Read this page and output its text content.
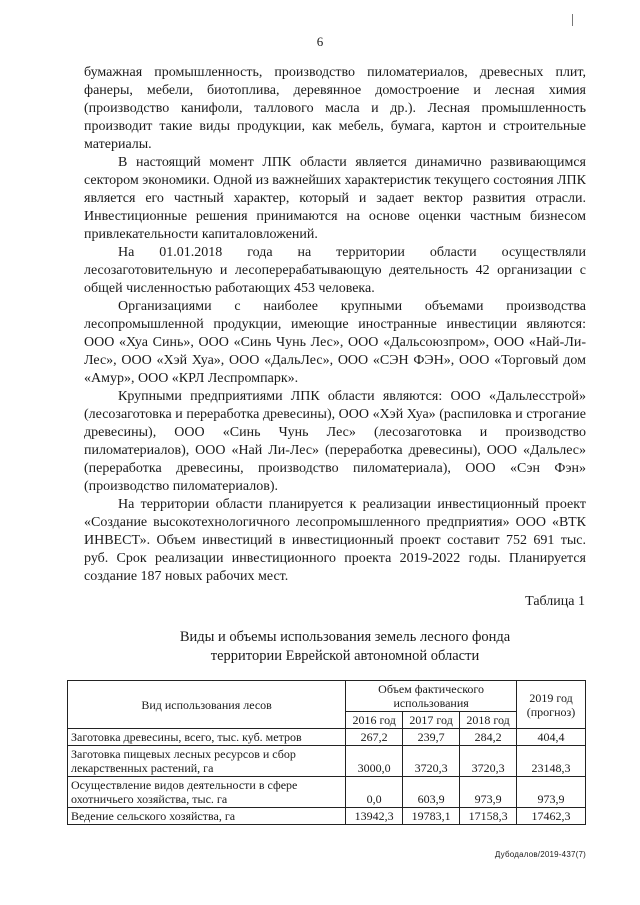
6

бумажная промышленность, производство пиломатериалов, древесных плит, фанеры, мебели, биотоплива, деревянное домостроение и лесная химия (производство канифоли, таллового масла и др.). Лесная промышленность производит такие виды продукции, как мебель, бумага, картон и строительные материалы.

В настоящий момент ЛПК области является динамично развивающимся сектором экономики. Одной из важнейших характеристик текущего состояния ЛПК является его частный характер, который и задает вектор развития отрасли. Инвестиционные решения принимаются на основе оценки частным бизнесом привлекательности капиталовложений.

На 01.01.2018 года на территории области осуществляли лесозаготовительную и лесоперерабатывающую деятельность 42 организации с общей численностью работающих 453 человека.

Организациями с наиболее крупными объемами производства лесопромышленной продукции, имеющие иностранные инвестиции являются: ООО «Хуа Синь», ООО «Синь Чунь Лес», ООО «Дальсоюзпром», ООО «Най-Ли-Лес», ООО «Хэй Хуа», ООО «ДальЛес», ООО «СЭН ФЭН», ООО «Торговый дом «Амур», ООО «КРЛ Леспромпарк».

Крупными предприятиями ЛПК области являются: ООО «Дальлесстрой» (лесозаготовка и переработка древесины), ООО «Хэй Хуа» (распиловка и строгание древесины), ООО «Синь Чунь Лес» (лесозаготовка и производство пиломатериалов), ООО «Най Ли-Лес» (переработка древесины), ООО «Дальлес» (переработка древесины, производство пиломатериала), ООО «Сэн Фэн» (производство пиломатериалов).

На территории области планируется к реализации инвестиционный проект «Создание высокотехнологичного лесопромышленного предприятия» ООО «ВТК ИНВЕСТ». Объем инвестиций в инвестиционный проект составит 752 691 тыс. руб. Срок реализации инвестиционного проекта 2019-2022 годы. Планируется создание 187 новых рабочих мест.

Таблица 1
Виды и объемы использования земель лесного фонда
территории Еврейской автономной области
Вид использования лесов	Объем фактического использования			2019 год (прогноз)
	2016 год	2017 год	2018 год	
Заготовка древесины, всего, тыс. куб. метров	267,2	239,7	284,2	404,4
Заготовка пищевых лесных ресурсов и сбор лекарственных растений, га	3000,0	3720,3	3720,3	23148,3
Осуществление видов деятельности в сфере охотничьего хозяйства, тыс. га	0,0	603,9	973,9	973,9
Ведение сельского хозяйства, га	13942,3	19783,1	17158,3	17462,3
Дубодалов/2019-437(7)
